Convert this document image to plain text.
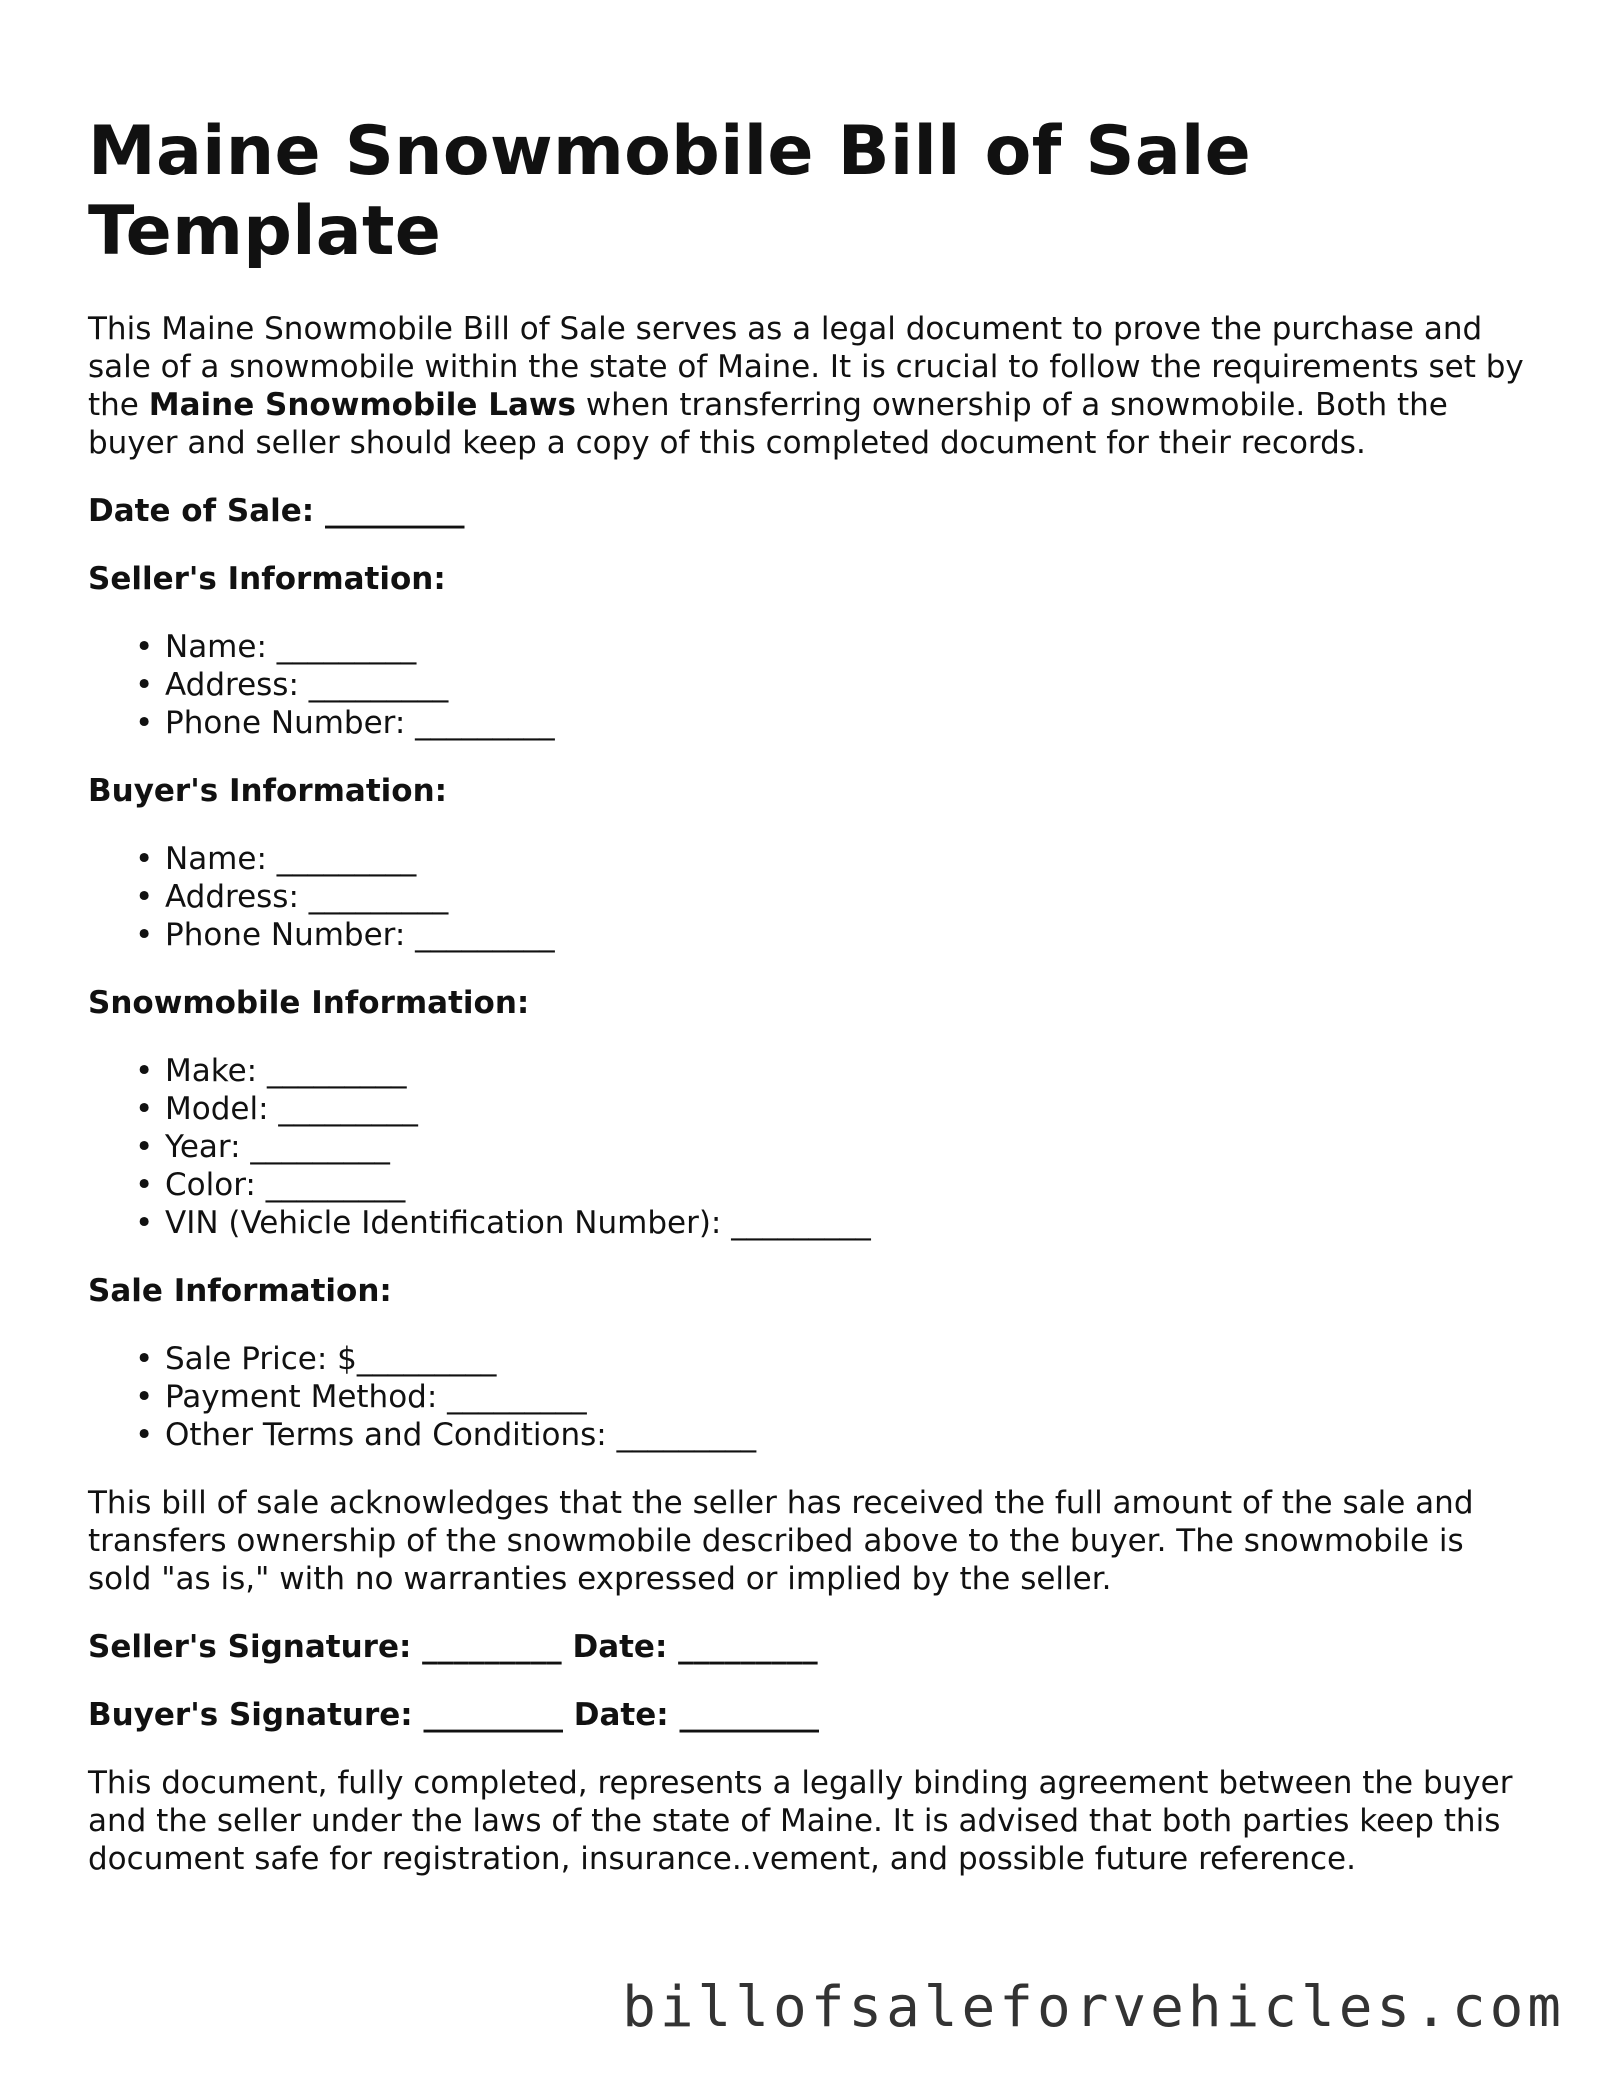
Maine Snowmobile Bill of Sale Template

This Maine Snowmobile Bill of Sale serves as a legal document to prove the purchase and sale of a snowmobile within the state of Maine. It is crucial to follow the requirements set by the Maine Snowmobile Laws when transferring ownership of a snowmobile. Both the buyer and seller should keep a copy of this completed document for their records.

Date of Sale: _________

Seller's Information:

• Name: _________
• Address: _________
• Phone Number: _________

Buyer's Information:

• Name: _________
• Address: _________
• Phone Number: _________

Snowmobile Information:

• Make: _________
• Model: _________
• Year: _________
• Color: _________
• VIN (Vehicle Identification Number): _________

Sale Information:

• Sale Price: $_________
• Payment Method: _________
• Other Terms and Conditions: _________

This bill of sale acknowledges that the seller has received the full amount of the sale and transfers ownership of the snowmobile described above to the buyer. The snowmobile is sold "as is," with no warranties expressed or implied by the seller.

Seller's Signature: _________ Date: _________

Buyer's Signature: _________ Date: _________

This document, fully completed, represents a legally binding agreement between the buyer and the seller under the laws of the state of Maine. It is advised that both parties keep this document safe for registration, insurance..vement, and possible future reference.

billofsaleforvehicles.com
